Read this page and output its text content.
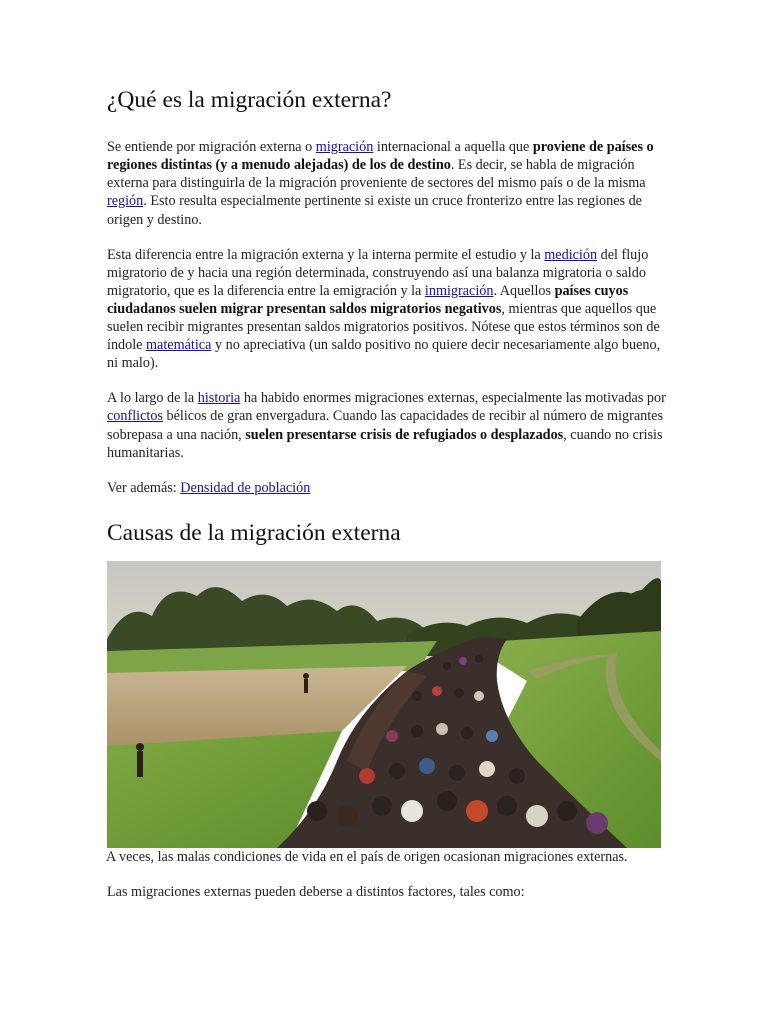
¿Qué es la migración externa?

Se entiende por migración externa o migración internacional a aquella que proviene de países o regiones distintas (y a menudo alejadas) de los de destino. Es decir, se habla de migración externa para distinguirla de la migración proveniente de sectores del mismo país o de la misma región. Esto resulta especialmente pertinente si existe un cruce fronterizo entre las regiones de origen y destino.

Esta diferencia entre la migración externa y la interna permite el estudio y la medición del flujo migratorio de y hacia una región determinada, construyendo así una balanza migratoria o saldo migratorio, que es la diferencia entre la emigración y la inmigración. Aquellos países cuyos ciudadanos suelen migrar presentan saldos migratorios negativos, mientras que aquellos que suelen recibir migrantes presentan saldos migratorios positivos. Nótese que estos términos son de índole matemática y no apreciativa (un saldo positivo no quiere decir necesariamente algo bueno, ni malo).

A lo largo de la historia ha habido enormes migraciones externas, especialmente las motivadas por conflictos bélicos de gran envergadura. Cuando las capacidades de recibir al número de migrantes sobrepasa a una nación, suelen presentarse crisis de refugiados o desplazados, cuando no crisis humanitarias.

Ver además: Densidad de población

Causas de la migración externa

A veces, las malas condiciones de vida en el país de origen ocasionan migraciones externas.

Las migraciones externas pueden deberse a distintos factores, tales como:
